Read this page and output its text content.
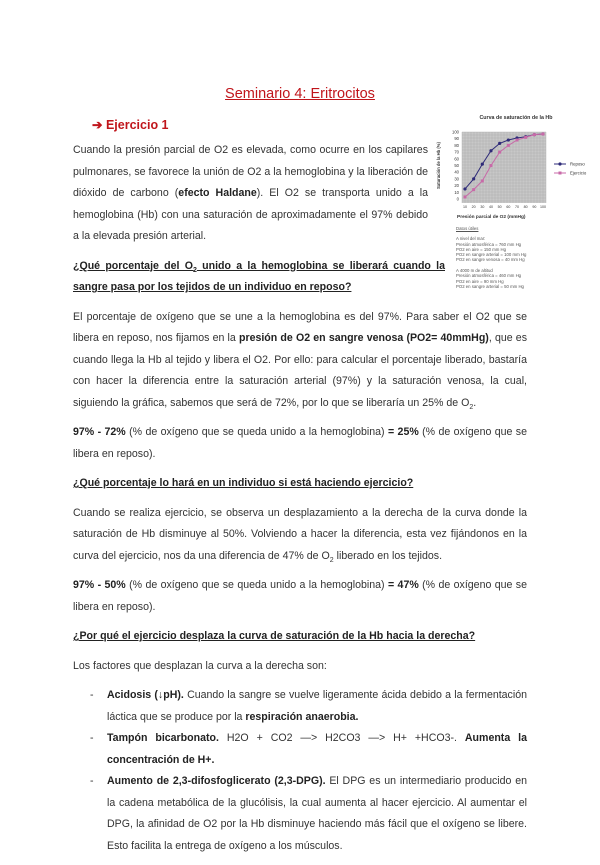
Curva de saturación de la Hb
0
10
20
30
40
50
60
70
80
90
100
10 20 30 40 50 60 70 80 90 100
Saturación de la Hb (%)
Presión parcial de O2 (mmHg)
Reposo
Ejercicio
Datos útiles
A nivel del mar:
Presión atmosférica = 760 mm Hg
PO2 en aire = 150 mm Hg
PO2 en sangre arterial = 100 mm Hg
PO2 en sangre venosa = 40 mm Hg

A 4000 m de altitud
Presión atmosférica = 460 mm Hg
PO2 en aire = 90 mm Hg
PO2 en sangre arterial = 50 mm Hg
Seminario 4: Eritrocitos
➔ Ejercicio 1
Cuando la presión parcial de O2 es elevada, como ocurre en los capilares pulmonares, se favorece la unión de O2 a la hemoglobina y la liberación de dióxido de carbono (efecto Haldane). El O2 se transporta unido a la hemoglobina (Hb) con una saturación de aproximadamente el 97% debido a la elevada presión arterial.
¿Qué porcentaje del $O_2$ unido a la hemoglobina se liberará cuando la sangre pasa por los tejidos de un individuo en reposo?
El porcentaje de oxígeno que se une a la hemoglobina es del 97%. Para saber el O2 que se libera en reposo, nos fijamos en la presión de O2 en sangre venosa (PO2= 40mmHg), que es cuando llega la Hb al tejido y libera el O2. Por ello: para calcular el porcentaje liberado, bastaría con hacer la diferencia entre la saturación arterial (97%) y la saturación venosa, la cual, siguiendo la gráfica, sabemos que será de 72%, por lo que se liberaría un 25% de $O_2$.
97% - 72% (% de oxígeno que se queda unido a la hemoglobina) = 25% (% de oxígeno que se libera en reposo).
¿Qué porcentaje lo hará en un individuo si está haciendo ejercicio?
Cuando se realiza ejercicio, se observa un desplazamiento a la derecha de la curva donde la saturación de Hb disminuye al 50%. Volviendo a hacer la diferencia, esta vez fijándonos en la curva del ejercicio, nos da una diferencia de 47% de $O_2$ liberado en los tejidos.
97% - 50% (% de oxígeno que se queda unido a la hemoglobina) = 47% (% de oxígeno que se libera en reposo).
¿Por qué el ejercicio desplaza la curva de saturación de la Hb hacia la derecha?
Los factores que desplazan la curva a la derecha son:
- Acidosis (↓pH). Cuando la sangre se vuelve ligeramente ácida debido a la fermentación láctica que se produce por la respiración anaerobia.
- Tampón bicarbonato. H2O + CO2 —> H2CO3 —> H+ +HCO3-. Aumenta la concentración de H+.
- Aumento de 2,3-difosfoglicerato (2,3-DPG). El DPG es un intermediario producido en la cadena metabólica de la glucólisis, la cual aumenta al hacer ejercicio. Al aumentar el DPG, la afinidad de O2 por la Hb disminuye haciendo más fácil que el oxígeno se libere. Esto facilita la entrega de oxígeno a los músculos.
